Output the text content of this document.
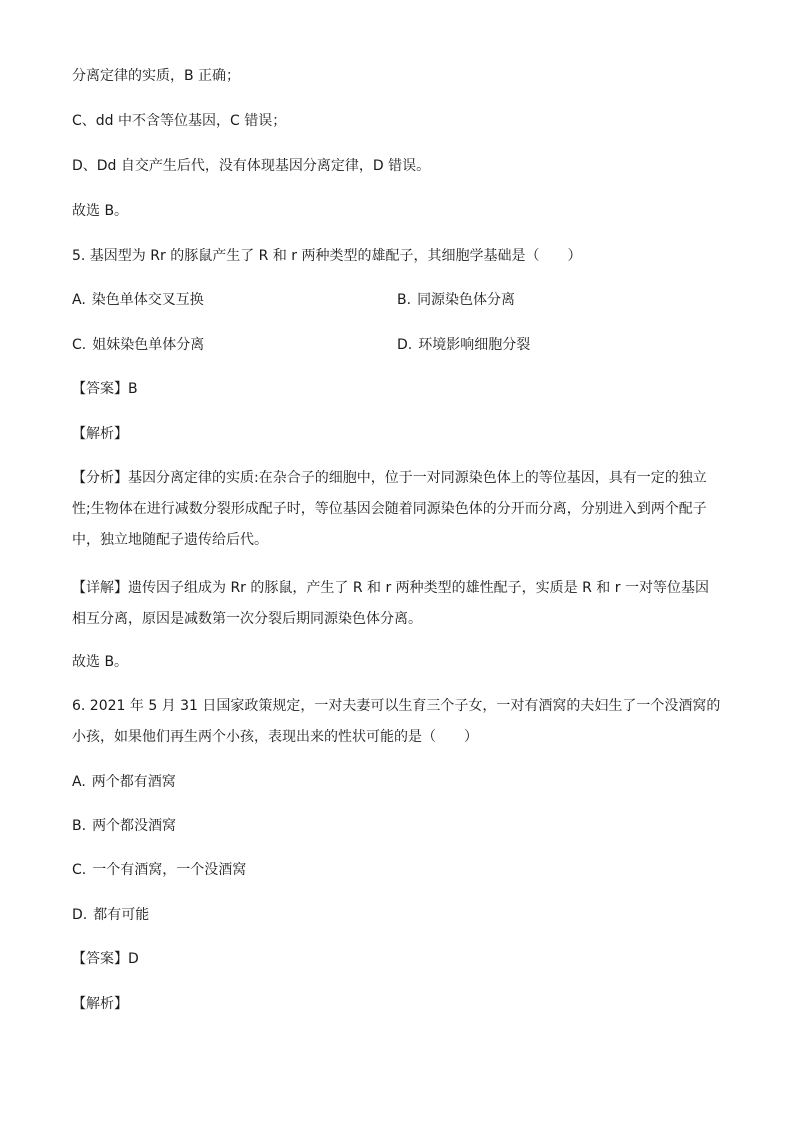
分离定律的实质，B 正确；
C、dd 中不含等位基因，C 错误；
D、Dd 自交产生后代，没有体现基因分离定律，D 错误。
故选 B。
5. 基因型为 Rr 的豚鼠产生了 R 和 r 两种类型的雄配子，其细胞学基础是（　　）
A. 染色单体交叉互换	B. 同源染色体分离
C. 姐妹染色单体分离	D. 环境影响细胞分裂
【答案】B
【解析】
【分析】基因分离定律的实质:在杂合子的细胞中，位于一对同源染色体上的等位基因，具有一定的独立性;生物体在进行减数分裂形成配子时，等位基因会随着同源染色体的分开而分离，分别进入到两个配子中，独立地随配子遗传给后代。
【详解】遗传因子组成为 Rr 的豚鼠，产生了 R 和 r 两种类型的雄性配子，实质是 R 和 r 一对等位基因相互分离，原因是减数第一次分裂后期同源染色体分离。
故选 B。
6. 2021 年 5 月 31 日国家政策规定，一对夫妻可以生育三个子女，一对有酒窝的夫妇生了一个没酒窝的小孩，如果他们再生两个小孩，表现出来的性状可能的是（　　）
A. 两个都有酒窝
B. 两个都没酒窝
C. 一个有酒窝，一个没酒窝
D. 都有可能
【答案】D
【解析】
